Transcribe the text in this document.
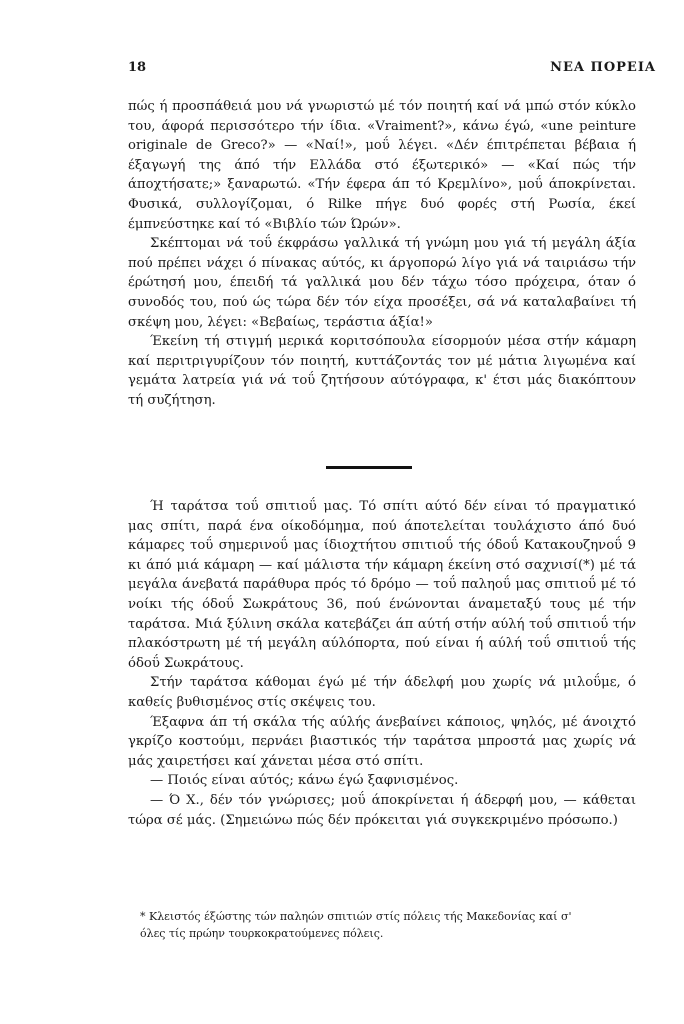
18	ΝΕΑ ΠΟΡΕΙΑ

πώς ή προσπάθειά μου νά γνωριστώ μέ τόν ποιητή καί νά μπώ στόν κύκλο του, άφορά περισσότερο τήν ίδια. «Vraiment?», κάνω έγώ, «une peinture originale de Greco?» — «Ναί!», μοΰ λέγει. «Δέν έπιτρέπεται βέβαια ή έξαγωγή της άπό τήν Ελλάδα στό έξωτερικό» — «Καί πώς τήν άποχτήσατε;» ξαναρωτώ. «Τήν έφερα άπ τό Κρεμλίνο», μοΰ άποκρίνεται. Φυσικά, συλλογίζομαι, ό Rilke πήγε δυό φορές στή Ρωσία, έκεί έμπνεύστηκε καί τό «Βιβλίο τών Ώρών».

Σκέπτομαι νά τοΰ έκφράσω γαλλικά τή γνώμη μου γιά τή μεγάλη άξία πού πρέπει νάχει ό πίνακας αύτός, κι άργοπορώ λίγο γιά νά ταιριάσω τήν έρώτησή μου, έπειδή τά γαλλικά μου δέν τάχω τόσο πρόχειρα, όταν ό συνοδός του, πού ώς τώρα δέν τόν είχα προσέξει, σά νά καταλαβαίνει τή σκέψη μου, λέγει: «Βεβαίως, τεράστια άξία!»

Έκείνη τή στιγμή μερικά κοριτσόπουλα είσορμούν μέσα στήν κάμαρη καί περιτριγυρίζουν τόν ποιητή, κυττάζοντάς τον μέ μάτια λιγωμένα καί γεμάτα λατρεία γιά νά τοΰ ζητήσουν αύτόγραφα, κ' έτσι μάς διακόπτουν τή συζήτηση.

Ή ταράτσα τοΰ σπιτιοΰ μας. Τό σπίτι αύτό δέν είναι τό πραγματικό μας σπίτι, παρά ένα οίκοδόμημα, πού άποτελείται τουλάχιστο άπό δυό κάμαρες τοΰ σημερινοΰ μας ίδιοχτήτου σπιτιοΰ τής όδοΰ Κατακουζηνοΰ 9 κι άπό μιά κάμαρη — καί μάλιστα τήν κάμαρη έκείνη στό σαχνισί(*) μέ τά μεγάλα άνεβατά παράθυρα πρός τό δρόμο — τοΰ παληοΰ μας σπιτιοΰ μέ τό νοίκι τής όδοΰ Σωκράτους 36, πού ένώνονται άναμεταξύ τους μέ τήν ταράτσα. Μιά ξύλινη σκάλα κατεβάζει άπ αύτή στήν αύλή τοΰ σπιτιοΰ τήν πλακόστρωτη μέ τή μεγάλη αύλόπορτα, πού είναι ή αύλή τοΰ σπιτιοΰ τής όδοΰ Σωκράτους.

Στήν ταράτσα κάθομαι έγώ μέ τήν άδελφή μου χωρίς νά μιλοΰμε, ό καθείς βυθισμένος στίς σκέψεις του.

Έξαφνα άπ τή σκάλα τής αύλής άνεβαίνει κάποιος, ψηλός, μέ άνοιχτό γκρίζο κοστούμι, περνάει βιαστικός τήν ταράτσα μπροστά μας χωρίς νά μάς χαιρετήσει καί χάνεται μέσα στό σπίτι.

— Ποιός είναι αύτός; κάνω έγώ ξαφνισμένος.

— Ό Χ., δέν τόν γνώρισες; μοΰ άποκρίνεται ή άδερφή μου, — κάθεται τώρα σέ μάς. (Σημειώνω πώς δέν πρόκειται γιά συγκεκριμένο πρόσωπο.)

* Κλειστός έξώστης τών παληών σπιτιών στίς πόλεις τής Μακεδονίας καί σ'

όλες τίς πρώην τουρκοκρατούμενες πόλεις.
